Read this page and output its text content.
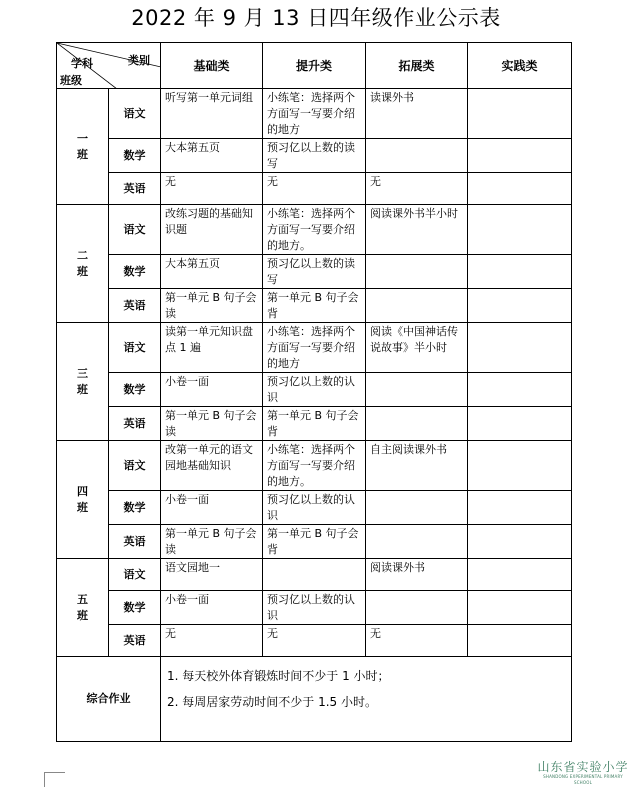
2022 年 9 月 13 日四年级作业公示表
学科 类别
班级		基础类	提升类	拓展类	实践类

一
班	语文	听写第一单元词组	小练笔：选择两个方面写一写要介绍的地方	读课外书	
	数学	大本第五页	预习亿以上数的读写		
	英语	无	无	无	

二
班	语文	改练习题的基础知识题	小练笔：选择两个方面写一写要介绍的地方。	阅读课外书半小时	
	数学	大本第五页	预习亿以上数的读写		
	英语	第一单元 B 句子会读	第一单元 B 句子会背		

三
班	语文	读第一单元知识盘点 1 遍	小练笔：选择两个方面写一写要介绍的地方	阅读《中国神话传说故事》半小时	
	数学	小卷一面	预习亿以上数的认识		
	英语	第一单元 B 句子会读	第一单元 B 句子会背		

四
班	语文	改第一单元的语文园地基础知识	小练笔：选择两个方面写一写要介绍的地方。	自主阅读课外书	
	数学	小卷一面	预习亿以上数的认识		
	英语	第一单元 B 句子会读	第一单元 B 句子会背		

五
班	语文	语文园地一		阅读课外书	
	数学	小卷一面	预习亿以上数的认识		
	英语	无	无	无	
综合作业		1. 每天校外体育锻炼时间不少于 1 小时；
2. 每周居家劳动时间不少于 1.5 小时。			
山东省实验小学
SHANDONG EXPERIMENTAL PRIMARY SCHOOL
